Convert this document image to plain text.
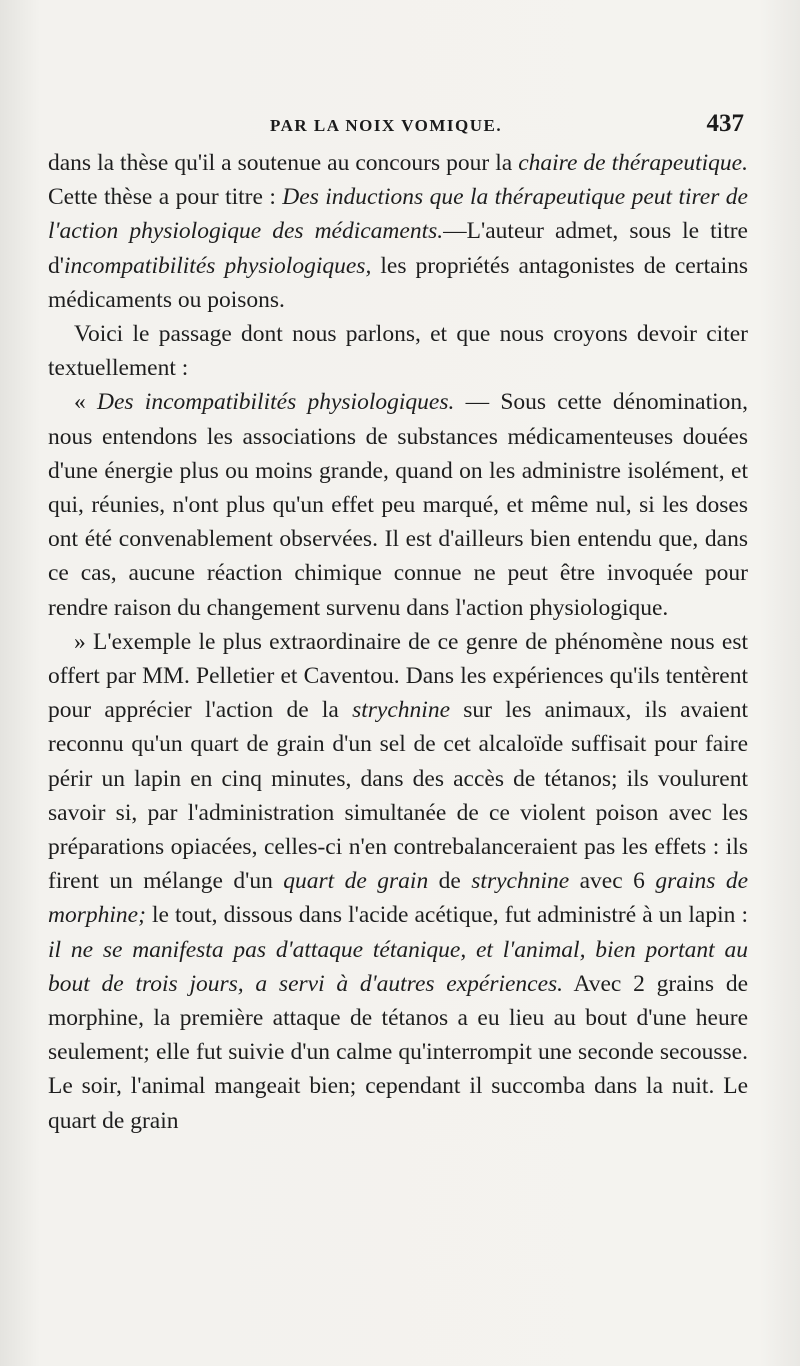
PAR LA NOIX VOMIQUE.	437

dans la thèse qu'il a soutenue au concours pour la chaire de thérapeutique. Cette thèse a pour titre : Des inductions que la thérapeutique peut tirer de l'action physiologique des médicaments.—L'auteur admet, sous le titre d'incompatibilités physiologiques, les propriétés antagonistes de certains médicaments ou poisons.

Voici le passage dont nous parlons, et que nous croyons devoir citer textuellement :

« Des incompatibilités physiologiques. — Sous cette dénomination, nous entendons les associations de substances médicamenteuses douées d'une énergie plus ou moins grande, quand on les administre isolément, et qui, réunies, n'ont plus qu'un effet peu marqué, et même nul, si les doses ont été convenablement observées. Il est d'ailleurs bien entendu que, dans ce cas, aucune réaction chimique connue ne peut être invoquée pour rendre raison du changement survenu dans l'action physiologique.

» L'exemple le plus extraordinaire de ce genre de phénomène nous est offert par MM. Pelletier et Caventou. Dans les expériences qu'ils tentèrent pour apprécier l'action de la strychnine sur les animaux, ils avaient reconnu qu'un quart de grain d'un sel de cet alcaloïde suffisait pour faire périr un lapin en cinq minutes, dans des accès de tétanos; ils voulurent savoir si, par l'administration simultanée de ce violent poison avec les préparations opiacées, celles-ci n'en contrebalanceraient pas les effets : ils firent un mélange d'un quart de grain de strychnine avec 6 grains de morphine; le tout, dissous dans l'acide acétique, fut administré à un lapin : il ne se manifesta pas d'attaque tétanique, et l'animal, bien portant au bout de trois jours, a servi à d'autres expériences. Avec 2 grains de morphine, la première attaque de tétanos a eu lieu au bout d'une heure seulement; elle fut suivie d'un calme qu'interrompit une seconde secousse. Le soir, l'animal mangeait bien; cependant il succomba dans la nuit. Le quart de grain
